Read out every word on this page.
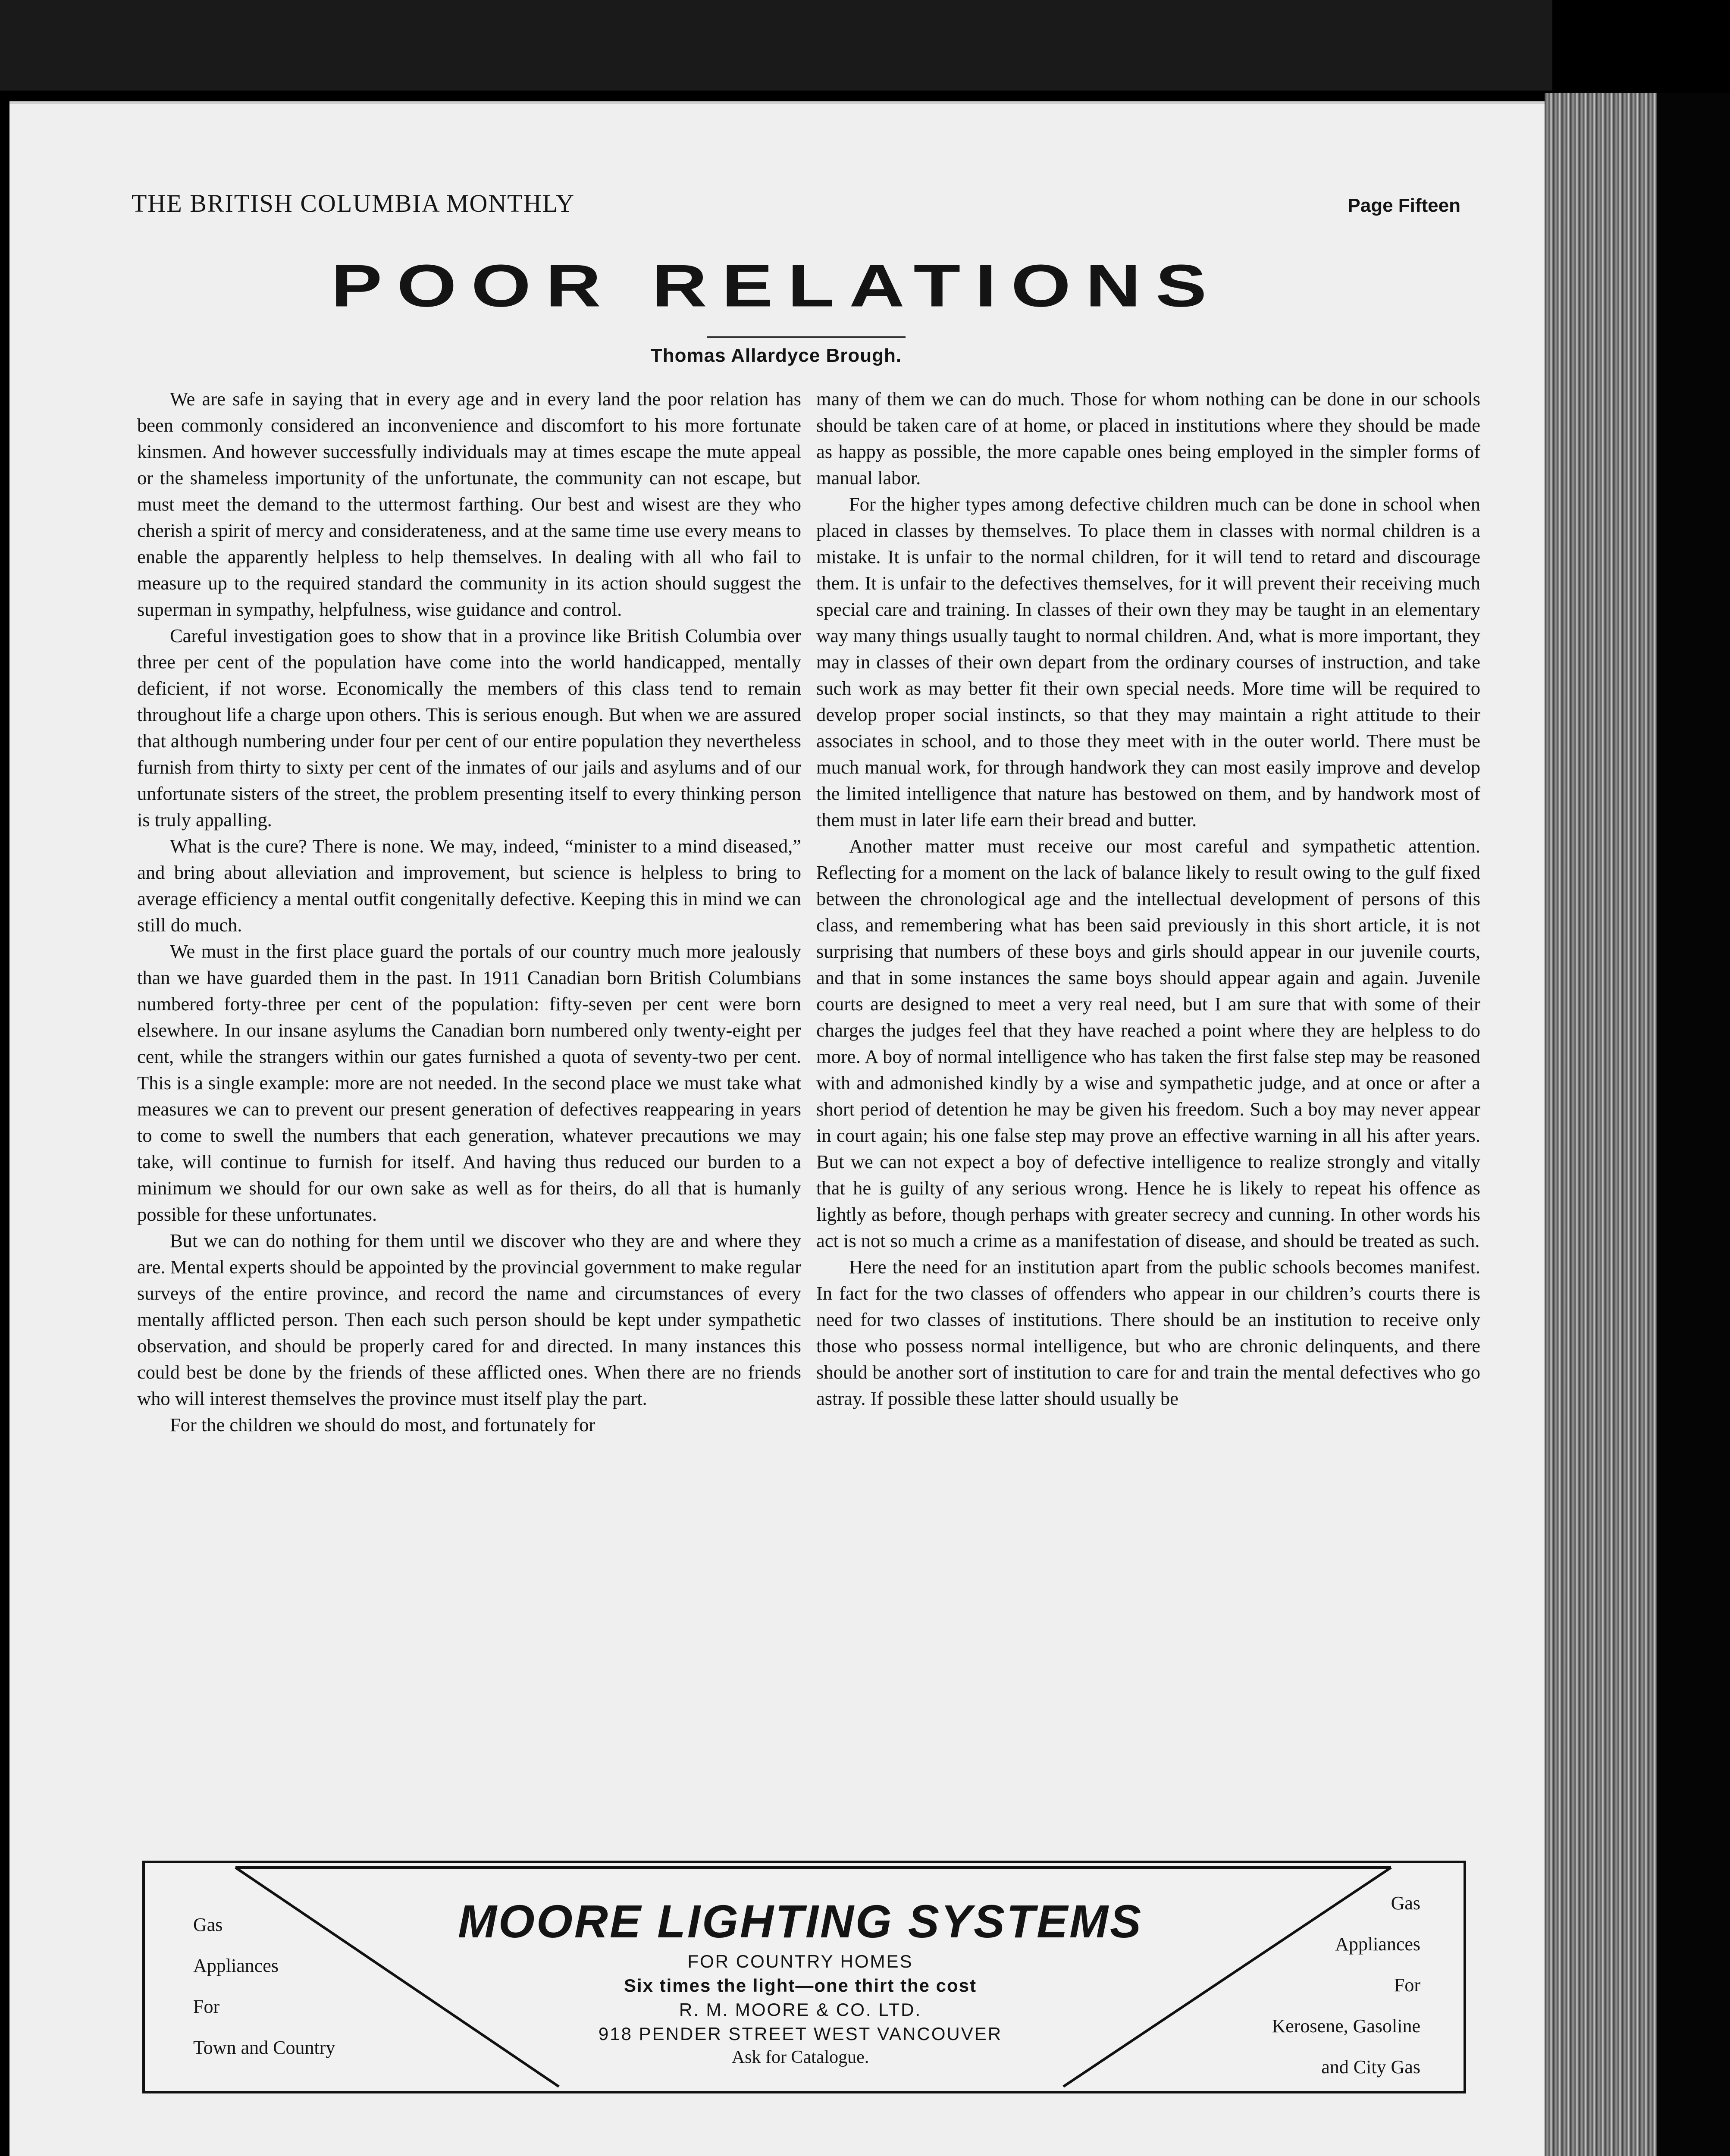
THE BRITISH COLUMBIA MONTHLY	Page Fifteen
POOR RELATIONS
Thomas Allardyce Brough.

We are safe in saying that in every age and in every land the poor relation has been commonly considered an inconvenience and discomfort to his more fortunate kinsmen. And however successfully individuals may at times escape the mute appeal or the shameless importunity of the unfortunate, the community can not escape, but must meet the demand to the uttermost farthing. Our best and wisest are they who cherish a spirit of mercy and considerateness, and at the same time use every means to enable the apparently helpless to help themselves. In dealing with all who fail to measure up to the required standard the community in its action should suggest the superman in sympathy, helpfulness, wise guidance and control.

Careful investigation goes to show that in a province like British Columbia over three per cent of the population have come into the world handicapped, mentally deficient, if not worse. Economically the members of this class tend to remain throughout life a charge upon others. This is serious enough. But when we are assured that although numbering under four per cent of our entire population they nevertheless furnish from thirty to sixty per cent of the inmates of our jails and asylums and of our unfortunate sisters of the street, the problem presenting itself to every thinking person is truly appalling.

What is the cure? There is none. We may, indeed, “minister to a mind diseased,” and bring about alleviation and improvement, but science is helpless to bring to average efficiency a mental outfit congenitally defective. Keeping this in mind we can still do much.

We must in the first place guard the portals of our country much more jealously than we have guarded them in the past. In 1911 Canadian born British Columbians numbered forty-three per cent of the population: fifty-seven per cent were born elsewhere. In our insane asylums the Canadian born numbered only twenty-eight per cent, while the strangers within our gates furnished a quota of seventy-two per cent. This is a single example: more are not needed. In the second place we must take what measures we can to prevent our present generation of defectives reappearing in years to come to swell the numbers that each generation, whatever precautions we may take, will continue to furnish for itself. And having thus reduced our burden to a minimum we should for our own sake as well as for theirs, do all that is humanly possible for these unfortunates.

But we can do nothing for them until we discover who they are and where they are. Mental experts should be appointed by the provincial government to make regular surveys of the entire province, and record the name and circumstances of every mentally afflicted person. Then each such person should be kept under sympathetic observation, and should be properly cared for and directed. In many instances this could best be done by the friends of these afflicted ones. When there are no friends who will interest themselves the province must itself play the part.

For the children we should do most, and fortunately for

many of them we can do much. Those for whom nothing can be done in our schools should be taken care of at home, or placed in institutions where they should be made as happy as possible, the more capable ones being employed in the simpler forms of manual labor.

For the higher types among defective children much can be done in school when placed in classes by themselves. To place them in classes with normal children is a mistake. It is unfair to the normal children, for it will tend to retard and discourage them. It is unfair to the defectives themselves, for it will prevent their receiving much special care and training. In classes of their own they may be taught in an elementary way many things usually taught to normal children. And, what is more important, they may in classes of their own depart from the ordinary courses of instruction, and take such work as may better fit their own special needs. More time will be required to develop proper social instincts, so that they may maintain a right attitude to their associates in school, and to those they meet with in the outer world. There must be much manual work, for through handwork they can most easily improve and develop the limited intelligence that nature has bestowed on them, and by handwork most of them must in later life earn their bread and butter.

Another matter must receive our most careful and sympathetic attention. Reflecting for a moment on the lack of balance likely to result owing to the gulf fixed between the chronological age and the intellectual development of persons of this class, and remembering what has been said previously in this short article, it is not surprising that numbers of these boys and girls should appear in our juvenile courts, and that in some instances the same boys should appear again and again. Juvenile courts are designed to meet a very real need, but I am sure that with some of their charges the judges feel that they have reached a point where they are helpless to do more. A boy of normal intelligence who has taken the first false step may be reasoned with and admonished kindly by a wise and sympathetic judge, and at once or after a short period of detention he may be given his freedom. Such a boy may never appear in court again; his one false step may prove an effective warning in all his after years. But we can not expect a boy of defective intelligence to realize strongly and vitally that he is guilty of any serious wrong. Hence he is likely to repeat his offence as lightly as before, though perhaps with greater secrecy and cunning. In other words his act is not so much a crime as a manifestation of disease, and should be treated as such.

Here the need for an institution apart from the public schools becomes manifest. In fact for the two classes of offenders who appear in our children’s courts there is need for two classes of institutions. There should be an institution to receive only those who possess normal intelligence, but who are chronic delinquents, and there should be another sort of institution to care for and train the mental defectives who go astray. If possible these latter should usually be

Gas
Appliances
For
Town and Country
Gas
Appliances
For
Kerosene, Gasoline
and City Gas
MOORE LIGHTING SYSTEMS
FOR COUNTRY HOMES
Six times the light—one thirt the cost
R. M. MOORE & CO. LTD.
918 PENDER STREET WEST VANCOUVER
Ask for Catalogue.
